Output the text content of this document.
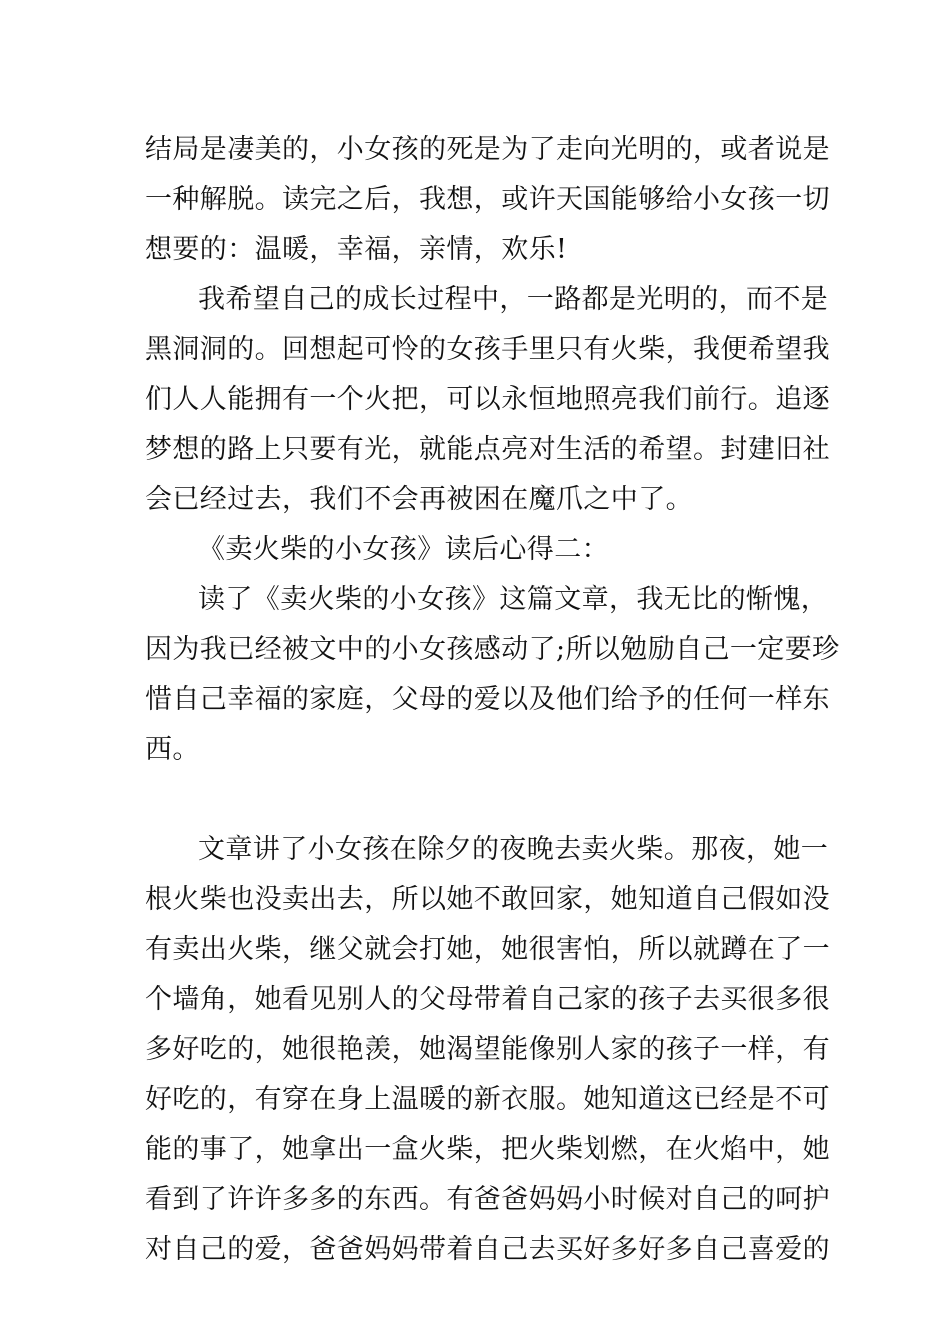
结局是凄美的，小女孩的死是为了走向光明的，或者说是
一种解脱。读完之后，我想，或许天国能够给小女孩一切
想要的：温暖，幸福，亲情，欢乐!
我希望自己的成长过程中，一路都是光明的，而不是
黑洞洞的。回想起可怜的女孩手里只有火柴，我便希望我
们人人能拥有一个火把，可以永恒地照亮我们前行。追逐
梦想的路上只要有光，就能点亮对生活的希望。封建旧社
会已经过去，我们不会再被困在魔爪之中了。
《卖火柴的小女孩》读后心得二：
读了《卖火柴的小女孩》这篇文章，我无比的惭愧，
因为我已经被文中的小女孩感动了;所以勉励自己一定要珍
惜自己幸福的家庭，父母的爱以及他们给予的任何一样东
西。
文章讲了小女孩在除夕的夜晚去卖火柴。那夜，她一
根火柴也没卖出去，所以她不敢回家，她知道自己假如没
有卖出火柴，继父就会打她，她很害怕，所以就蹲在了一
个墙角，她看见别人的父母带着自己家的孩子去买很多很
多好吃的，她很艳羡，她渴望能像别人家的孩子一样，有
好吃的，有穿在身上温暖的新衣服。她知道这已经是不可
能的事了，她拿出一盒火柴，把火柴划燃，在火焰中，她
看到了许许多多的东西。有爸爸妈妈小时候对自己的呵护
对自己的爱，爸爸妈妈带着自己去买好多好多自己喜爱的
